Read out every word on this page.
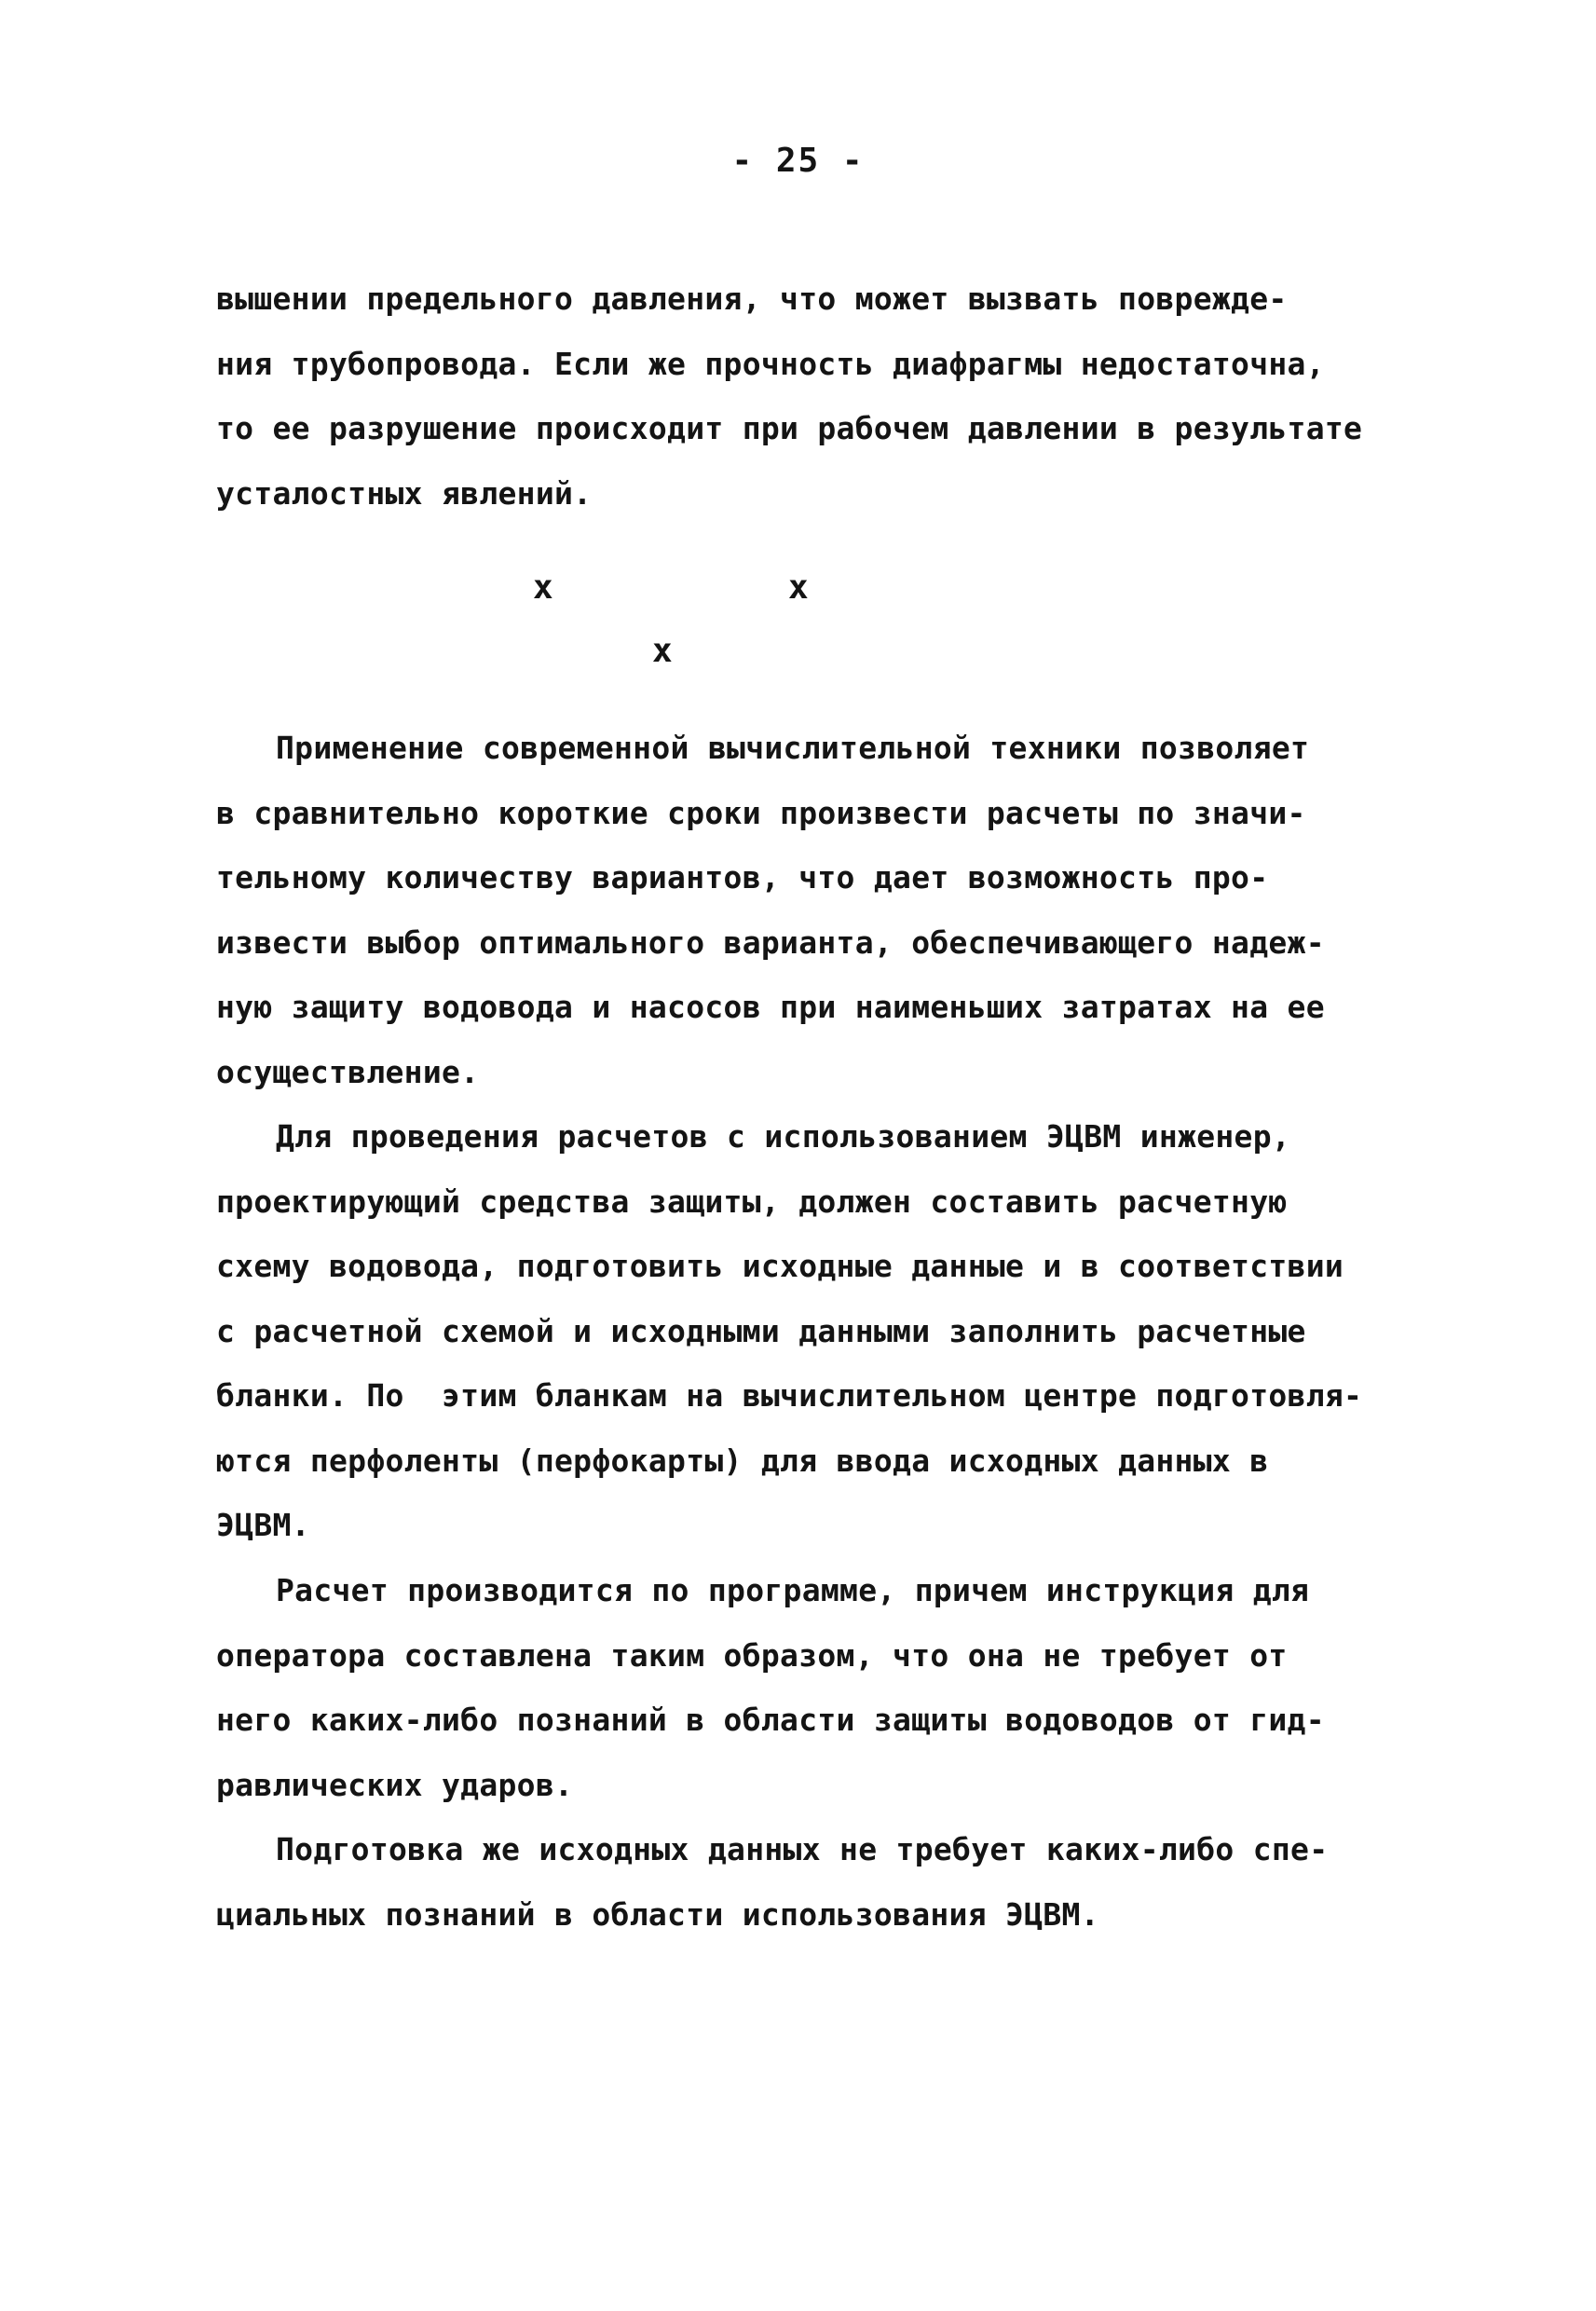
- 25 -
вышении предельного давления, что может вызвать поврежде-
ния трубопровода. Если же прочность диафрагмы недостаточна,
то ее разрушение происходит при рабочем давлении в результате
усталостных явлений.
x	x
x
Применение современной вычислительной техники позволяет
в сравнительно короткие сроки произвести расчеты по значи-
тельному количеству вариантов, что дает возможность про-
извести выбор оптимального варианта, обеспечивающего надеж-
ную защиту водовода и насосов при наименьших затратах на ее
осуществление.
Для проведения расчетов с использованием ЭЦВМ инженер,
проектирующий средства защиты, должен составить расчетную
схему водовода, подготовить исходные данные и в соответствии
с расчетной схемой и исходными данными заполнить расчетные
бланки. По  этим бланкам на вычислительном центре подготовля-
ются перфоленты (перфокарты) для ввода исходных данных в
ЭЦВМ.
Расчет производится по программе, причем инструкция для
оператора составлена таким образом, что она не требует от
него каких-либо познаний в области защиты водоводов от гид-
равлических ударов.
Подготовка же исходных данных не требует каких-либо спе-
циальных познаний в области использования ЭЦВМ.
